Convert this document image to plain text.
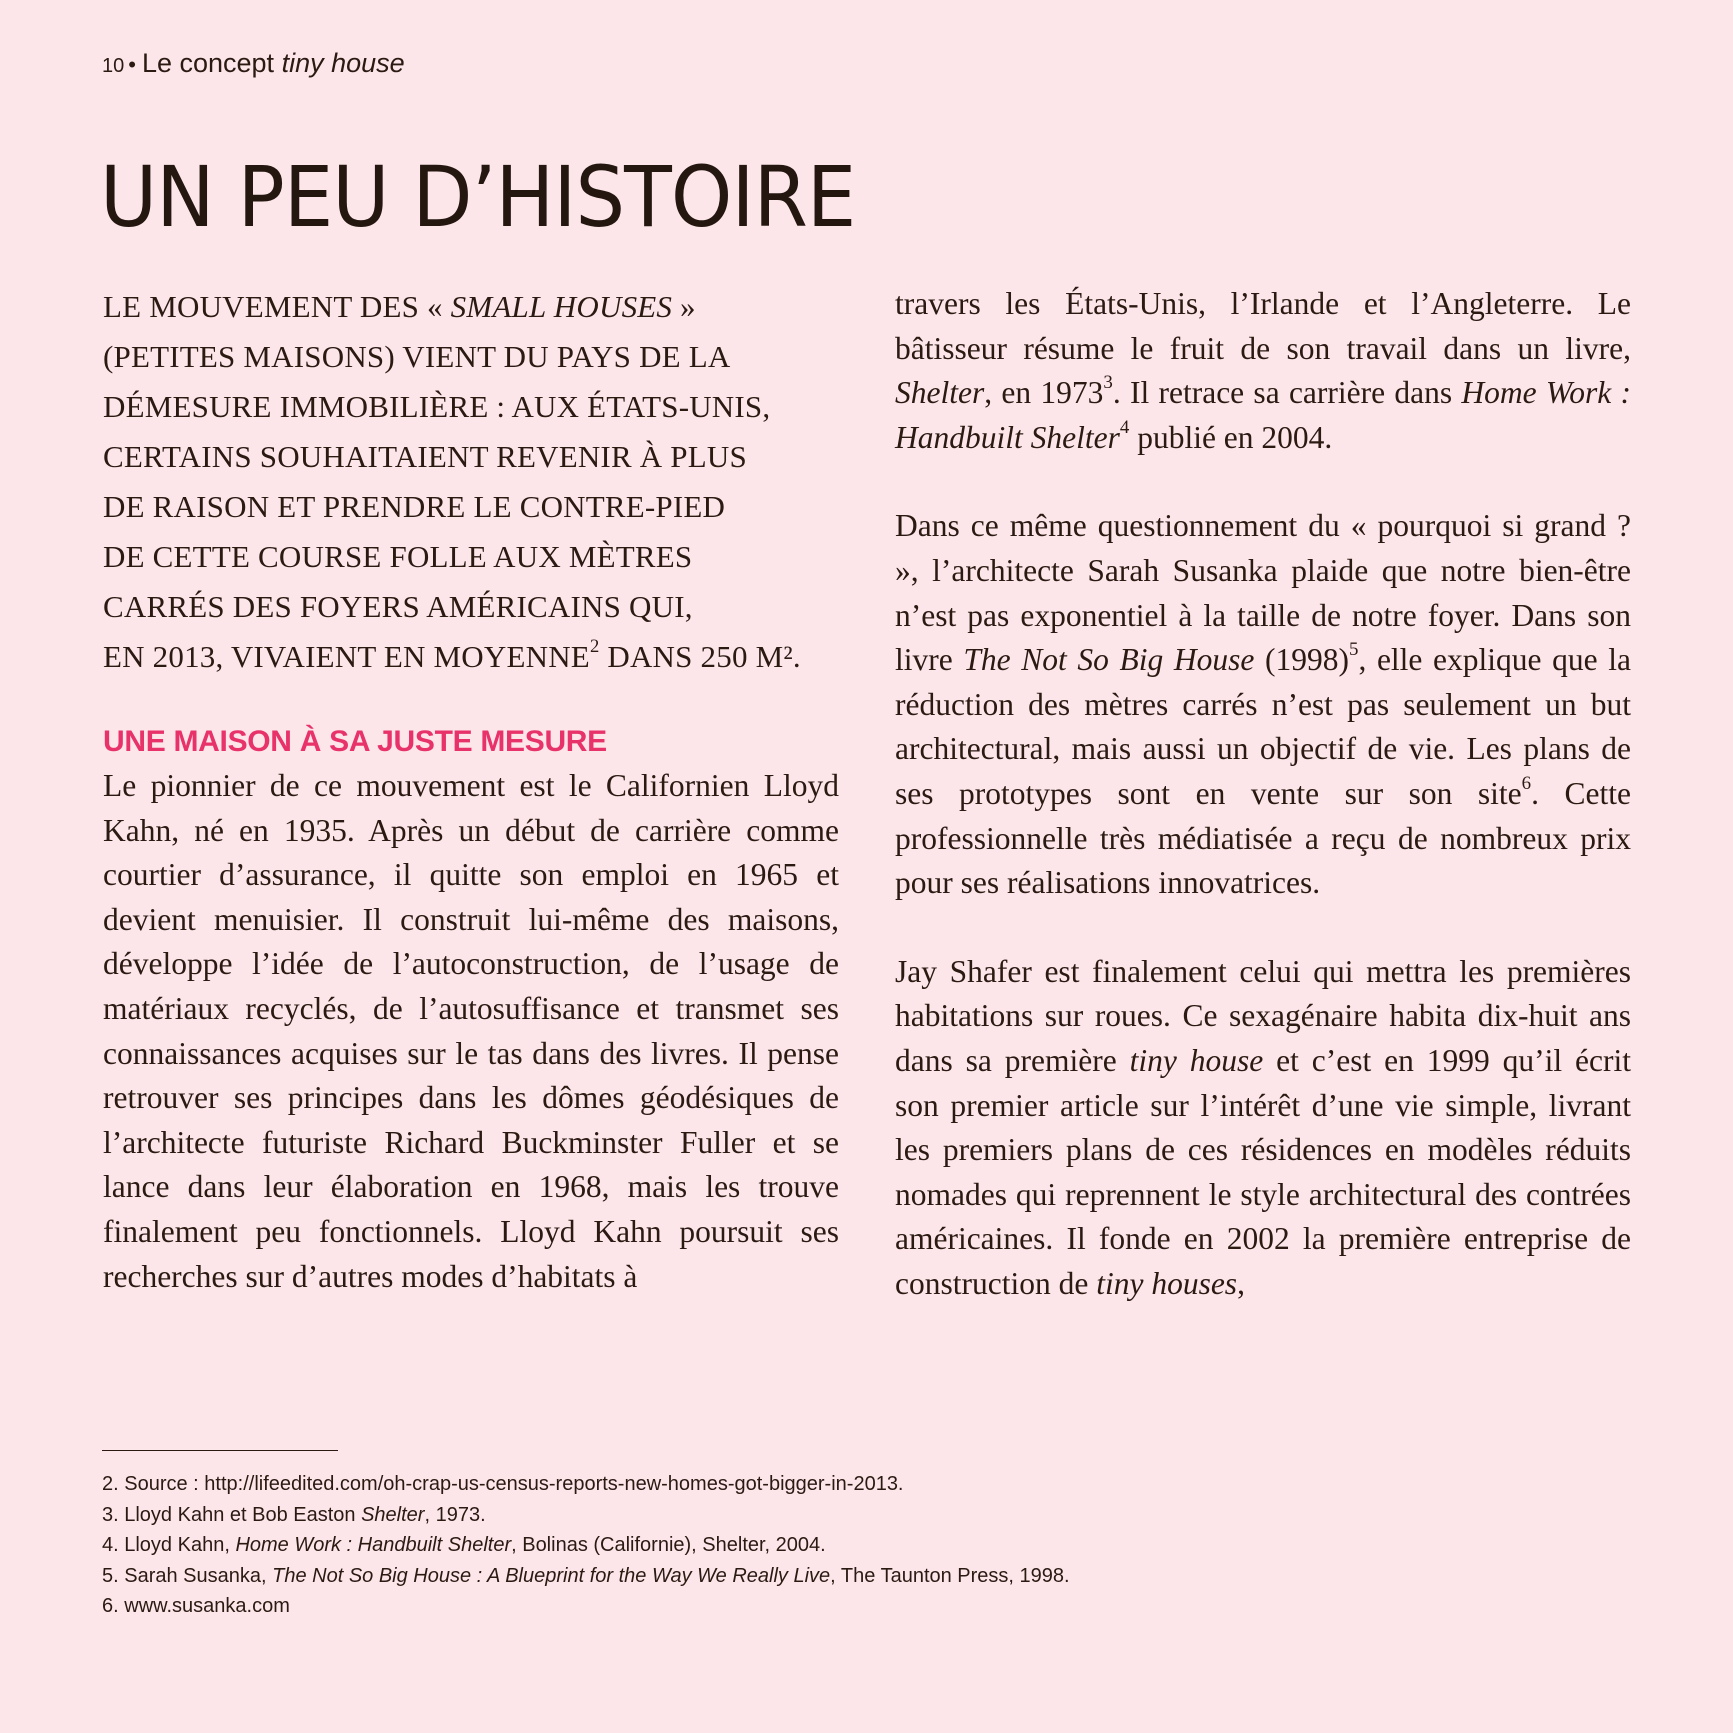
10 • Le concept tiny house
UN PEU D’HISTOIRE
LE MOUVEMENT DES « SMALL HOUSES »
(PETITES MAISONS) VIENT DU PAYS DE LA
DÉMESURE IMMOBILIÈRE : AUX ÉTATS-UNIS,
CERTAINS SOUHAITAIENT REVENIR À PLUS
DE RAISON ET PRENDRE LE CONTRE-PIED
DE CETTE COURSE FOLLE AUX MÈTRES
CARRÉS DES FOYERS AMÉRICAINS QUI,
EN 2013, VIVAIENT EN MOYENNE$^2$ DANS 250 M².
UNE MAISON À SA JUSTE MESURE

Le pionnier de ce mouvement est le Californien Lloyd Kahn, né en 1935. Après un début de carrière comme courtier d’assurance, il quitte son emploi en 1965 et devient menuisier. Il construit lui-même des maisons, développe l’idée de l’autoconstruction, de l’usage de matériaux recyclés, de l’autosuffisance et transmet ses connaissances acquises sur le tas dans des livres. Il pense retrouver ses principes dans les dômes géodésiques de l’architecte futuriste Richard Buckminster Fuller et se lance dans leur élaboration en 1968, mais les trouve finalement peu fonctionnels. Lloyd Kahn poursuit ses recherches sur d’autres modes d’habitats à

travers les États-Unis, l’Irlande et l’Angleterre. Le bâtisseur résume le fruit de son travail dans un livre, Shelter, en 1973$^3$. Il retrace sa carrière dans Home Work : Handbuilt Shelter$^4$ publié en 2004.

Dans ce même questionnement du « pourquoi si grand ? », l’architecte Sarah Susanka plaide que notre bien-être n’est pas exponentiel à la taille de notre foyer. Dans son livre The Not So Big House $(1998)^5$, elle explique que la réduction des mètres carrés n’est pas seulement un but architectural, mais aussi un objectif de vie. Les plans de ses prototypes sont en vente sur son site$^6$. Cette professionnelle très médiatisée a reçu de nombreux prix pour ses réalisations innovatrices.

Jay Shafer est finalement celui qui mettra les premières habitations sur roues. Ce sexagénaire habita dix-huit ans dans sa première tiny house et c’est en 1999 qu’il écrit son premier article sur l’intérêt d’une vie simple, livrant les premiers plans de ces résidences en modèles réduits nomades qui reprennent le style architectural des contrées américaines. Il fonde en 2002 la première entreprise de construction de tiny houses,

2. Source : http://lifeedited.com/oh-crap-us-census-reports-new-homes-got-bigger-in-2013.
3. Lloyd Kahn et Bob Easton Shelter, 1973.
4. Lloyd Kahn, Home Work : Handbuilt Shelter, Bolinas (Californie), Shelter, 2004.
5. Sarah Susanka, The Not So Big House : A Blueprint for the Way We Really Live, The Taunton Press, 1998.
6. www.susanka.com
